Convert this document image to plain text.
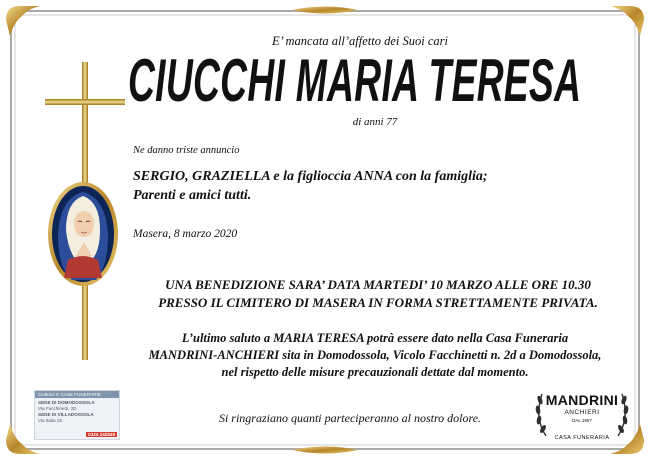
E’ mancata all’affetto dei Suoi cari
CIUCCHI MARIA TERESA
di anni 77
Ne danno triste annuncio
SERGIO, GRAZIELLA e la figlioccia ANNA con la famiglia;
Parenti e amici tutti.
Masera, 8 marzo 2020
UNA BENEDIZIONE SARA’ DATA MARTEDI’ 10 MARZO ALLE ORE 10.30
PRESSO IL CIMITERO DI MASERA IN FORMA STRETTAMENTE PRIVATA.
L’ultimo saluto a MARIA TERESA potrà essere dato nella Casa Funeraria
MANDRINI-ANCHIERI sita in Domodossola, Vicolo Facchinetti n. 2d a Domodossola,
nel rispetto delle misure precauzionali dettate dal momento.
Si ringraziano quanti parteciperanno al nostro dolore.
CHIESA E CASE FUNERARIE
SEDE DI DOMODOSSOLA
Via Facchinetti, 2D
SEDE DI VILLADOSSOLA
Via Italia 15
0324 242549
MANDRINI
ANCHIERI
DAL 1957
CASA FUNERARIA
